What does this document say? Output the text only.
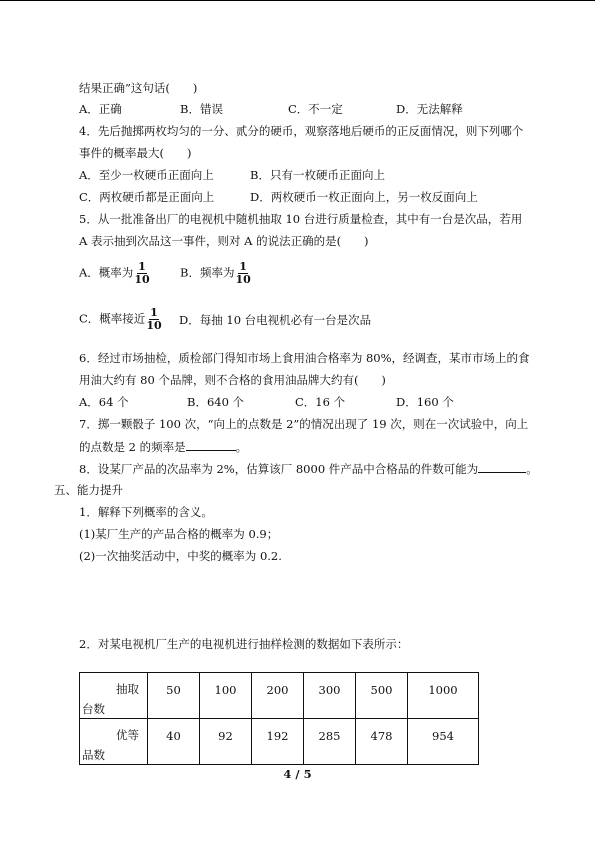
结果正确”这句话(　　)
A．正确	B．错误	C．不一定	D．无法解释
4．先后抛掷两枚均匀的一分、贰分的硬币，观察落地后硬币的正反面情况，则下列哪个
事件的概率最大(　　)
A．至少一枚硬币正面向上	B．只有一枚硬币正面向上
C．两枚硬币都是正面向上	D．两枚硬币一枚正面向上，另一枚反面向上
5．从一批准备出厂的电视机中随机抽取 10 台进行质量检查，其中有一台是次品，若用
A 表示抽到次品这一事件，则对 A 的说法正确的是(　　)
A．概率为 $\frac{1}{10}$	B．频率为 $\frac{1}{10}$
C．概率接近 $\frac{1}{10}$ D．每抽 10 台电视机必有一台是次品
6．经过市场抽检，质检部门得知市场上食用油合格率为 80%，经调查，某市市场上的食
用油大约有 80 个品牌，则不合格的食用油品牌大约有(　　)
A．64 个	B．640 个	C．16 个	D．160 个
7．掷一颗骰子 100 次，“向上的点数是 2”的情况出现了 19 次，则在一次试验中，向上
的点数是 2 的频率是	。
8．设某厂产品的次品率为 2%，估算该厂 8000 件产品中合格品的件数可能为	。
五、能力提升
1．解释下列概率的含义。
(1)某厂生产的产品合格的概率为 0.9；
(2)一次抽奖活动中，中奖的概率为 0.2.
2．对某电视机厂生产的电视机进行抽样检测的数据如下表所示：
抽取
台数	50	100	200	300	500	1000

优等
品数	40	92	192	285	478	954
4 / 5
